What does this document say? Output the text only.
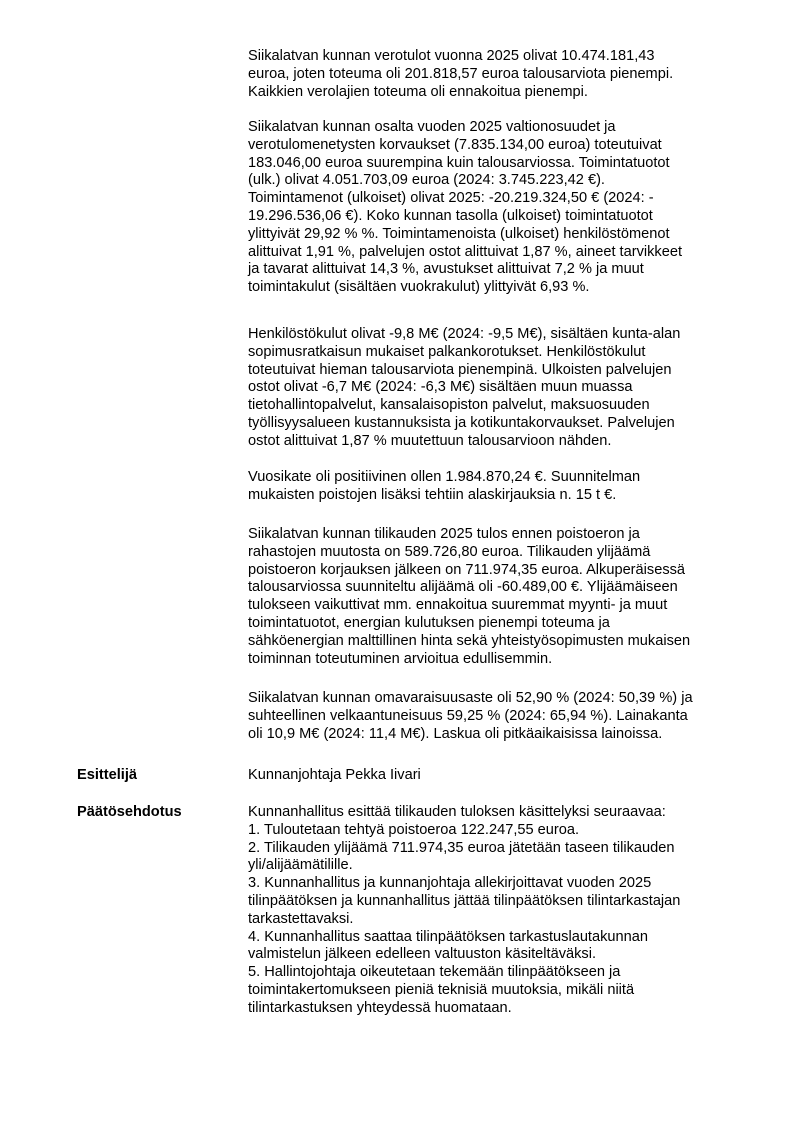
Siikalatvan kunnan verotulot vuonna 2025 olivat 10.474.181,43
euroa, joten toteuma oli 201.818,57 euroa talousarviota pienempi.
Kaikkien verolajien toteuma oli ennakoitua pienempi.
Siikalatvan kunnan osalta vuoden 2025 valtionosuudet ja
verotulomenetysten korvaukset (7.835.134,00 euroa) toteutuivat
183.046,00 euroa suurempina kuin talousarviossa. Toimintatuotot
(ulk.) olivat 4.051.703,09 euroa (2024: 3.745.223,42 €).
Toimintamenot (ulkoiset) olivat 2025: -20.219.324,50 € (2024: -
19.296.536,06 €). Koko kunnan tasolla (ulkoiset) toimintatuotot
ylittyivät 29,92 % %. Toimintamenoista (ulkoiset) henkilöstömenot
alittuivat 1,91 %, palvelujen ostot alittuivat 1,87 %, aineet tarvikkeet
ja tavarat alittuivat 14,3 %, avustukset alittuivat 7,2 % ja muut
toimintakulut (sisältäen vuokrakulut) ylittyivät 6,93 %.
Henkilöstökulut olivat -9,8 M€ (2024: -9,5 M€), sisältäen kunta-alan
sopimusratkaisun mukaiset palkankorotukset. Henkilöstökulut
toteutuivat hieman talousarviota pienempinä. Ulkoisten palvelujen
ostot olivat -6,7 M€ (2024: -6,3 M€) sisältäen muun muassa
tietohallintopalvelut, kansalaisopiston palvelut, maksuosuuden
työllisyysalueen kustannuksista ja kotikuntakorvaukset. Palvelujen
ostot alittuivat 1,87 % muutettuun talousarvioon nähden.
Vuosikate oli positiivinen ollen 1.984.870,24 €. Suunnitelman
mukaisten poistojen lisäksi tehtiin alaskirjauksia n. 15 t €.
Siikalatvan kunnan tilikauden 2025 tulos ennen poistoeron ja
rahastojen muutosta on 589.726,80 euroa. Tilikauden ylijäämä
poistoeron korjauksen jälkeen on 711.974,35 euroa. Alkuperäisessä
talousarviossa suunniteltu alijäämä oli -60.489,00 €. Ylijäämäiseen
tulokseen vaikuttivat mm. ennakoitua suuremmat myynti- ja muut
toimintatuotot, energian kulutuksen pienempi toteuma ja
sähköenergian malttillinen hinta sekä yhteistyösopimusten mukaisen
toiminnan toteutuminen arvioitua edullisemmin.
Siikalatvan kunnan omavaraisuusaste oli 52,90 % (2024: 50,39 %) ja
suhteellinen velkaantuneisuus 59,25 % (2024: 65,94 %). Lainakanta
oli 10,9 M€ (2024: 11,4 M€). Laskua oli pitkäaikaisissa lainoissa.
Esittelijä	Kunnanjohtaja Pekka Iivari
Päätösehdotus	Kunnanhallitus esittää tilikauden tuloksen käsittelyksi seuraavaa:
1. Tuloutetaan tehtyä poistoeroa 122.247,55 euroa.
2. Tilikauden ylijäämä 711.974,35 euroa jätetään taseen tilikauden
yli/alijäämätilille.
3. Kunnanhallitus ja kunnanjohtaja allekirjoittavat vuoden 2025
tilinpäätöksen ja kunnanhallitus jättää tilinpäätöksen tilintarkastajan
tarkastettavaksi.
4. Kunnanhallitus saattaa tilinpäätöksen tarkastuslautakunnan
valmistelun jälkeen edelleen valtuuston käsiteltäväksi.
5. Hallintojohtaja oikeutetaan tekemään tilinpäätökseen ja
toimintakertomukseen pieniä teknisiä muutoksia, mikäli niitä
tilintarkastuksen yhteydessä huomataan.
